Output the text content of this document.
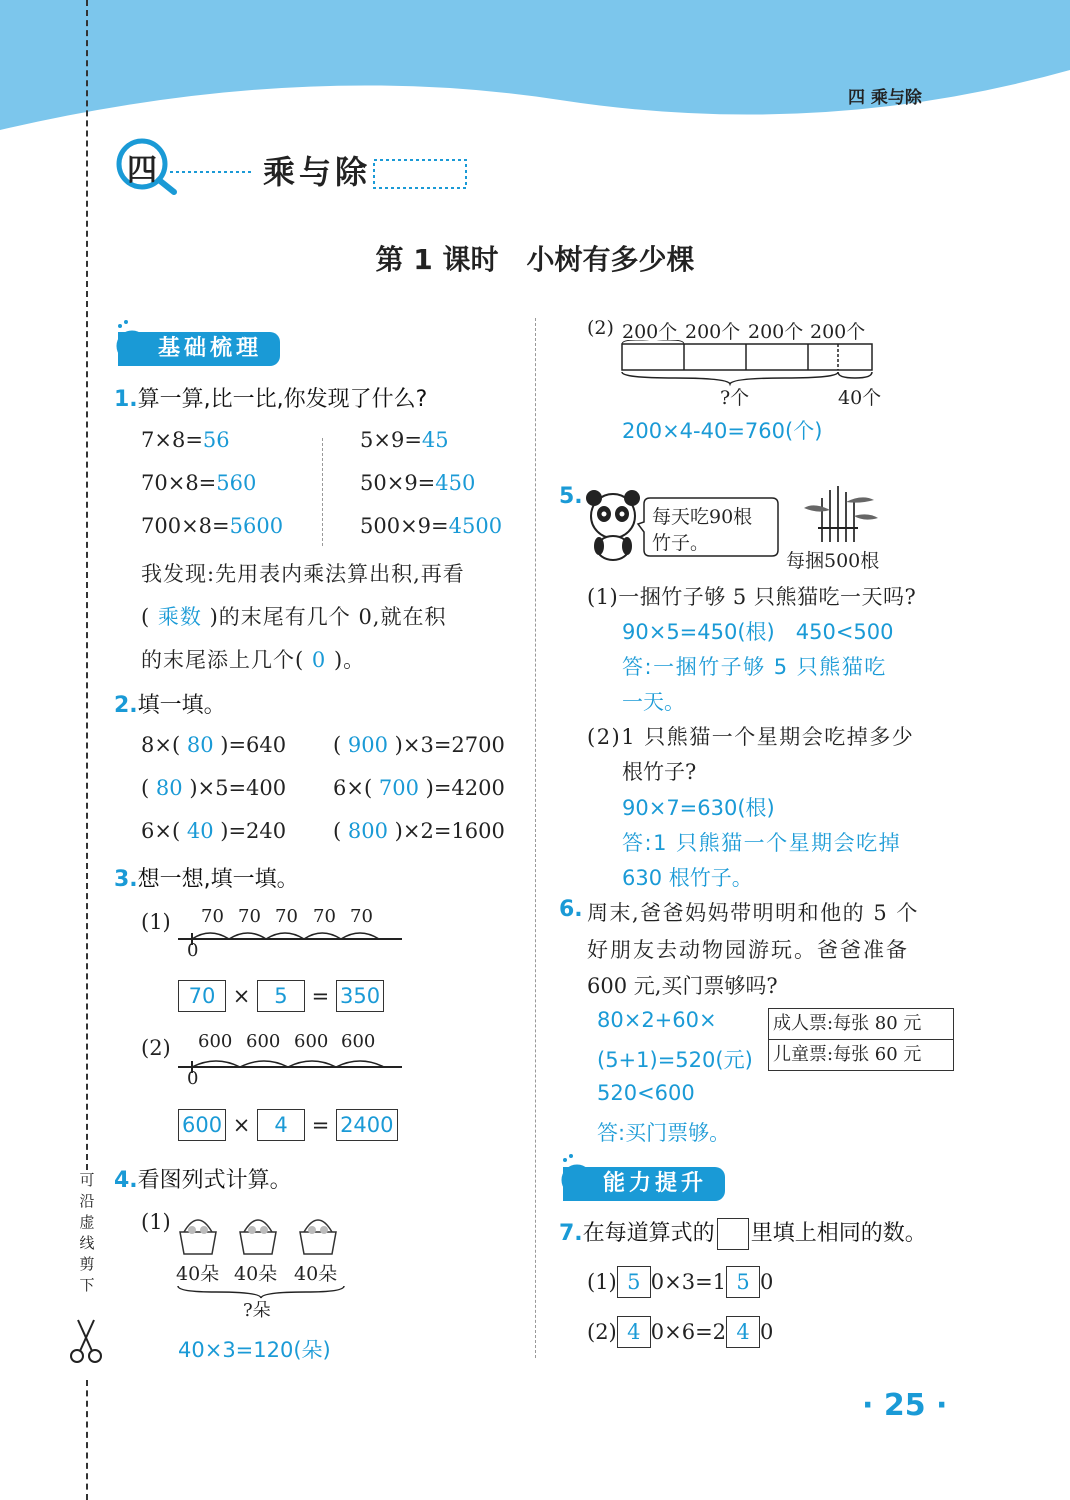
四 乘与除
可
沿
虚
线
剪
下
四	乘与除
第 1 课时　小树有多少棵
基础梳理
1.算一算,比一比,你发现了什么?
7×8=56
70×8=560
700×8=5600
5×9=45
50×9=450
500×9=4500
我发现:先用表内乘法算出积,再看
( 乘数 )的末尾有几个 0,就在积
的末尾添上几个( 0 )。
2.填一填。
8×( 80 )=640 ( 900 )×3=2700
( 80 )×5=400 6×( 700 )=4200
6×( 40 )=240 ( 800 )×2=1600
3.想一想,填一填。
(1) 70 70 70 70 70
0
70 × 5 = 350
(2) 600 600 600 600
0
600 × 4 = 2400
4.看图列式计算。
(1)
40朵 40朵 40朵
?朵
40×3=120(朵)
(2) 200个 200个 200个 200个
?个	40个
200×4-40=760(个)
5.
每天吃90根
竹子。
每捆500根
(1)一捆竹子够 5 只熊猫吃一天吗?
90×5=450(根)　450<500
答:一捆竹子够 5 只熊猫吃
一天。
(2)1 只熊猫一个星期会吃掉多少
根竹子?
90×7=630(根)
答:1 只熊猫一个星期会吃掉
630 根竹子。
6. 周末,爸爸妈妈带明明和他的 5 个
好朋友去动物园游玩。爸爸准备
600 元,买门票够吗?
80×2+60×
(5+1)=520(元)
520<600
答:买门票够。
成人票:每张 80 元
儿童票:每张 60 元
能力提升
7.在每道算式的 里填上相同的数。
(1) 5 0×3=1 5 0
(2) 4 0×6=2 4 0
· 25 ·
